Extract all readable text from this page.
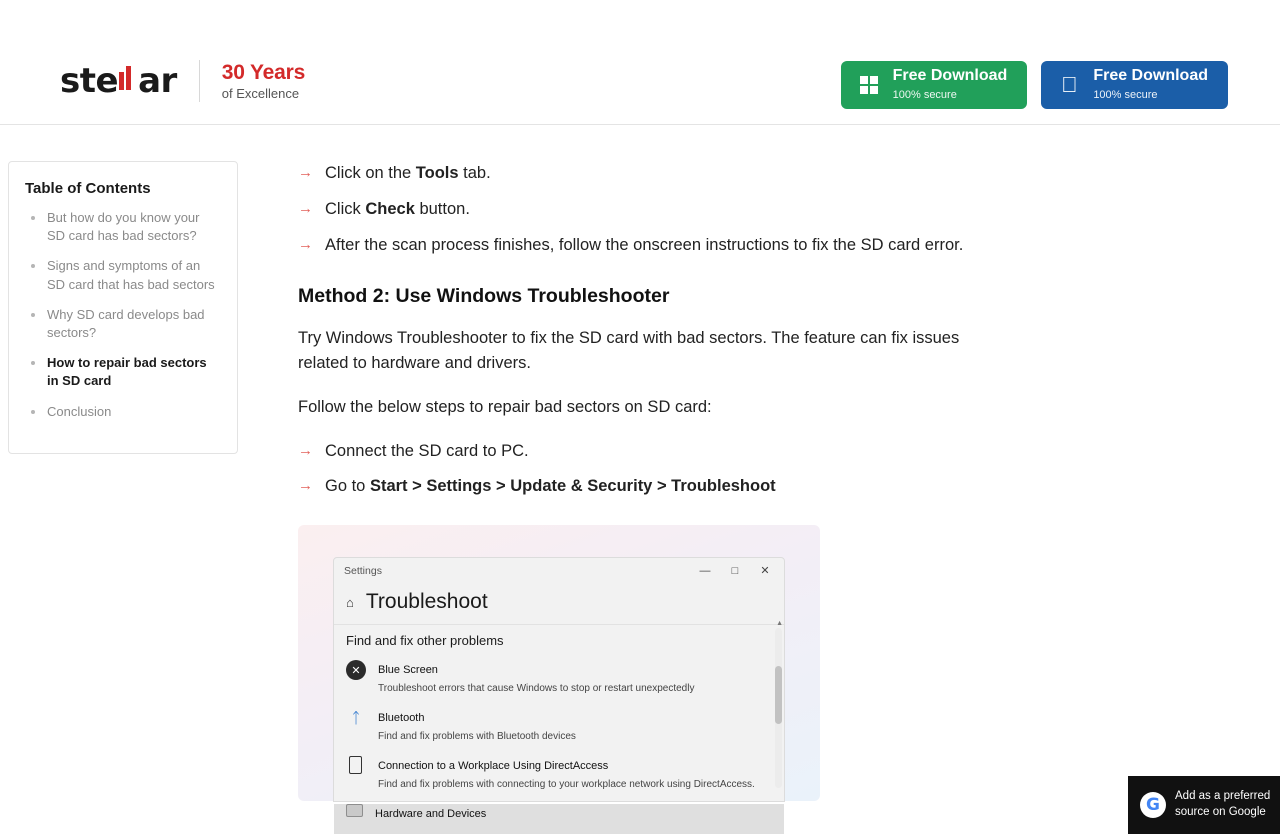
ste ar 30 Years
of Excellence
Free Download
100% secure
Free Download
100% secure
Table of Contents
But how do you know your SD card has bad sectors?
Signs and symptoms of an SD card that has bad sectors
Why SD card develops bad sectors?
How to repair bad sectors in SD card
Conclusion
→ Click on the Tools tab.
→ Click Check button.
→ After the scan process finishes, follow the onscreen instructions to fix the SD card error.
Method 2: Use Windows Troubleshooter

Try Windows Troubleshooter to fix the SD card with bad sectors. The feature can fix issues related to hardware and drivers.

Follow the below steps to repair bad sectors on SD card:

→ Connect the SD card to PC.
→ Go to Start > Settings > Update & Security > Troubleshoot
Settings	—	□	✕
⌂ Troubleshoot
Find and fix other problems
✕	Blue Screen
Troubleshoot errors that cause Windows to stop or restart unexpectedly
ᛏ	Bluetooth
Find and fix problems with Bluetooth devices
Connection to a Workplace Using DirectAccess
Find and fix problems with connecting to your workplace network using DirectAccess.
Hardware and Devices
▲
G	Add as a preferred
source on Google
